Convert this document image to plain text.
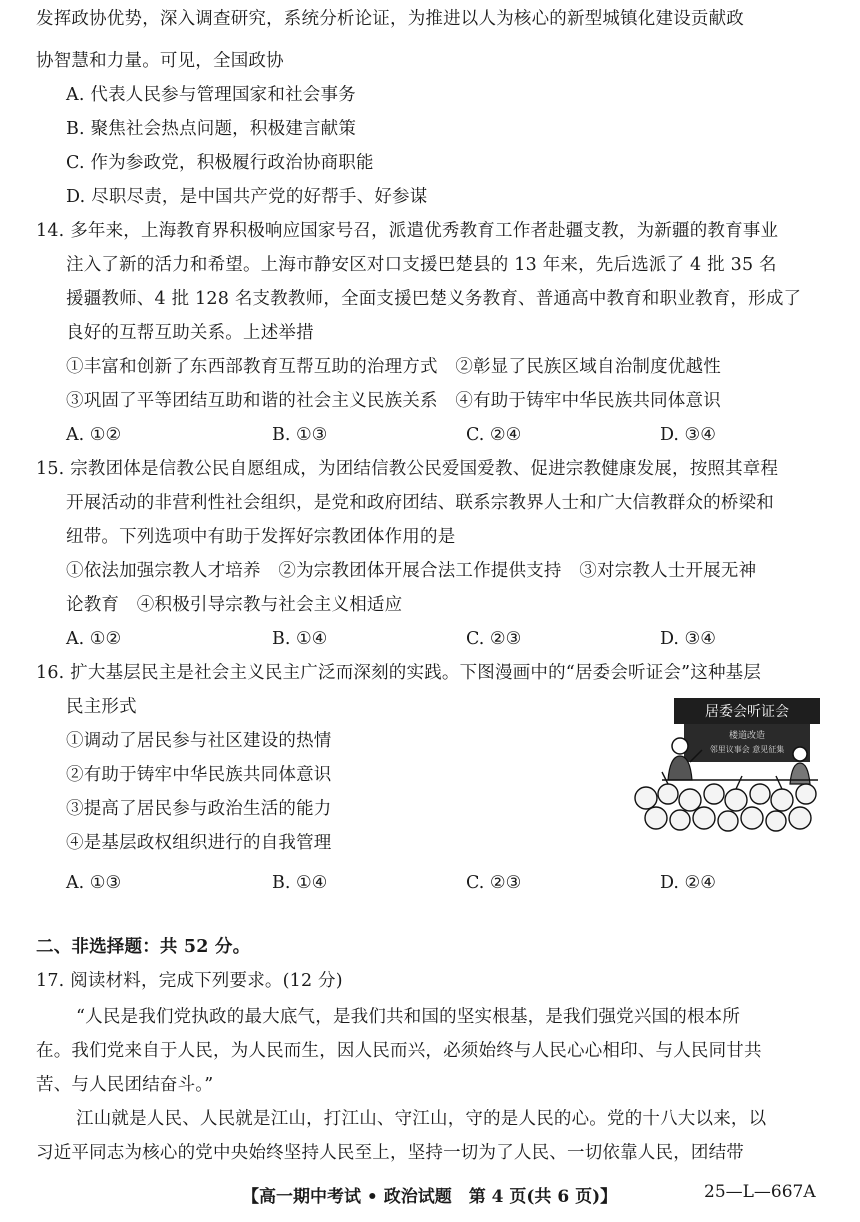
发挥政协优势，深入调查研究，系统分析论证，为推进以人为核心的新型城镇化建设贡献政
协智慧和力量。可见，全国政协
A. 代表人民参与管理国家和社会事务
B. 聚焦社会热点问题，积极建言献策
C. 作为参政党，积极履行政治协商职能
D. 尽职尽责，是中国共产党的好帮手、好参谋
14. 多年来，上海教育界积极响应国家号召，派遣优秀教育工作者赴疆支教，为新疆的教育事业
注入了新的活力和希望。上海市静安区对口支援巴楚县的 13 年来，先后选派了 4 批 35 名
援疆教师、4 批 128 名支教教师，全面支援巴楚义务教育、普通高中教育和职业教育，形成了
良好的互帮互助关系。上述举措
①丰富和创新了东西部教育互帮互助的治理方式　②彰显了民族区域自治制度优越性
③巩固了平等团结互助和谐的社会主义民族关系　④有助于铸牢中华民族共同体意识
A. ①②	B. ①③	C. ②④	D. ③④
15. 宗教团体是信教公民自愿组成，为团结信教公民爱国爱教、促进宗教健康发展，按照其章程
开展活动的非营利性社会组织，是党和政府团结、联系宗教界人士和广大信教群众的桥梁和
纽带。下列选项中有助于发挥好宗教团体作用的是
①依法加强宗教人才培养　②为宗教团体开展合法工作提供支持　③对宗教人士开展无神
论教育　④积极引导宗教与社会主义相适应
A. ①②	B. ①④	C. ②③	D. ③④
16. 扩大基层民主是社会主义民主广泛而深刻的实践。下图漫画中的“居委会听证会”这种基层
民主形式
①调动了居民参与社区建设的热情
②有助于铸牢中华民族共同体意识
③提高了居民参与政治生活的能力
④是基层政权组织进行的自我管理
A. ①③	B. ①④	C. ②③	D. ②④
居委会听证会
楼道改造
邻里议事会 意见征集
二、非选择题：共 52 分。
17. 阅读材料，完成下列要求。(12 分)
“人民是我们党执政的最大底气，是我们共和国的坚实根基，是我们强党兴国的根本所
在。我们党来自于人民，为人民而生，因人民而兴，必须始终与人民心心相印、与人民同甘共
苦、与人民团结奋斗。”
江山就是人民、人民就是江山，打江山、守江山，守的是人民的心。党的十八大以来，以
习近平同志为核心的党中央始终坚持人民至上，坚持一切为了人民、一切依靠人民，团结带
【高一期中考试 • 政治试题　第 4 页(共 6 页)】	25—L—667A
